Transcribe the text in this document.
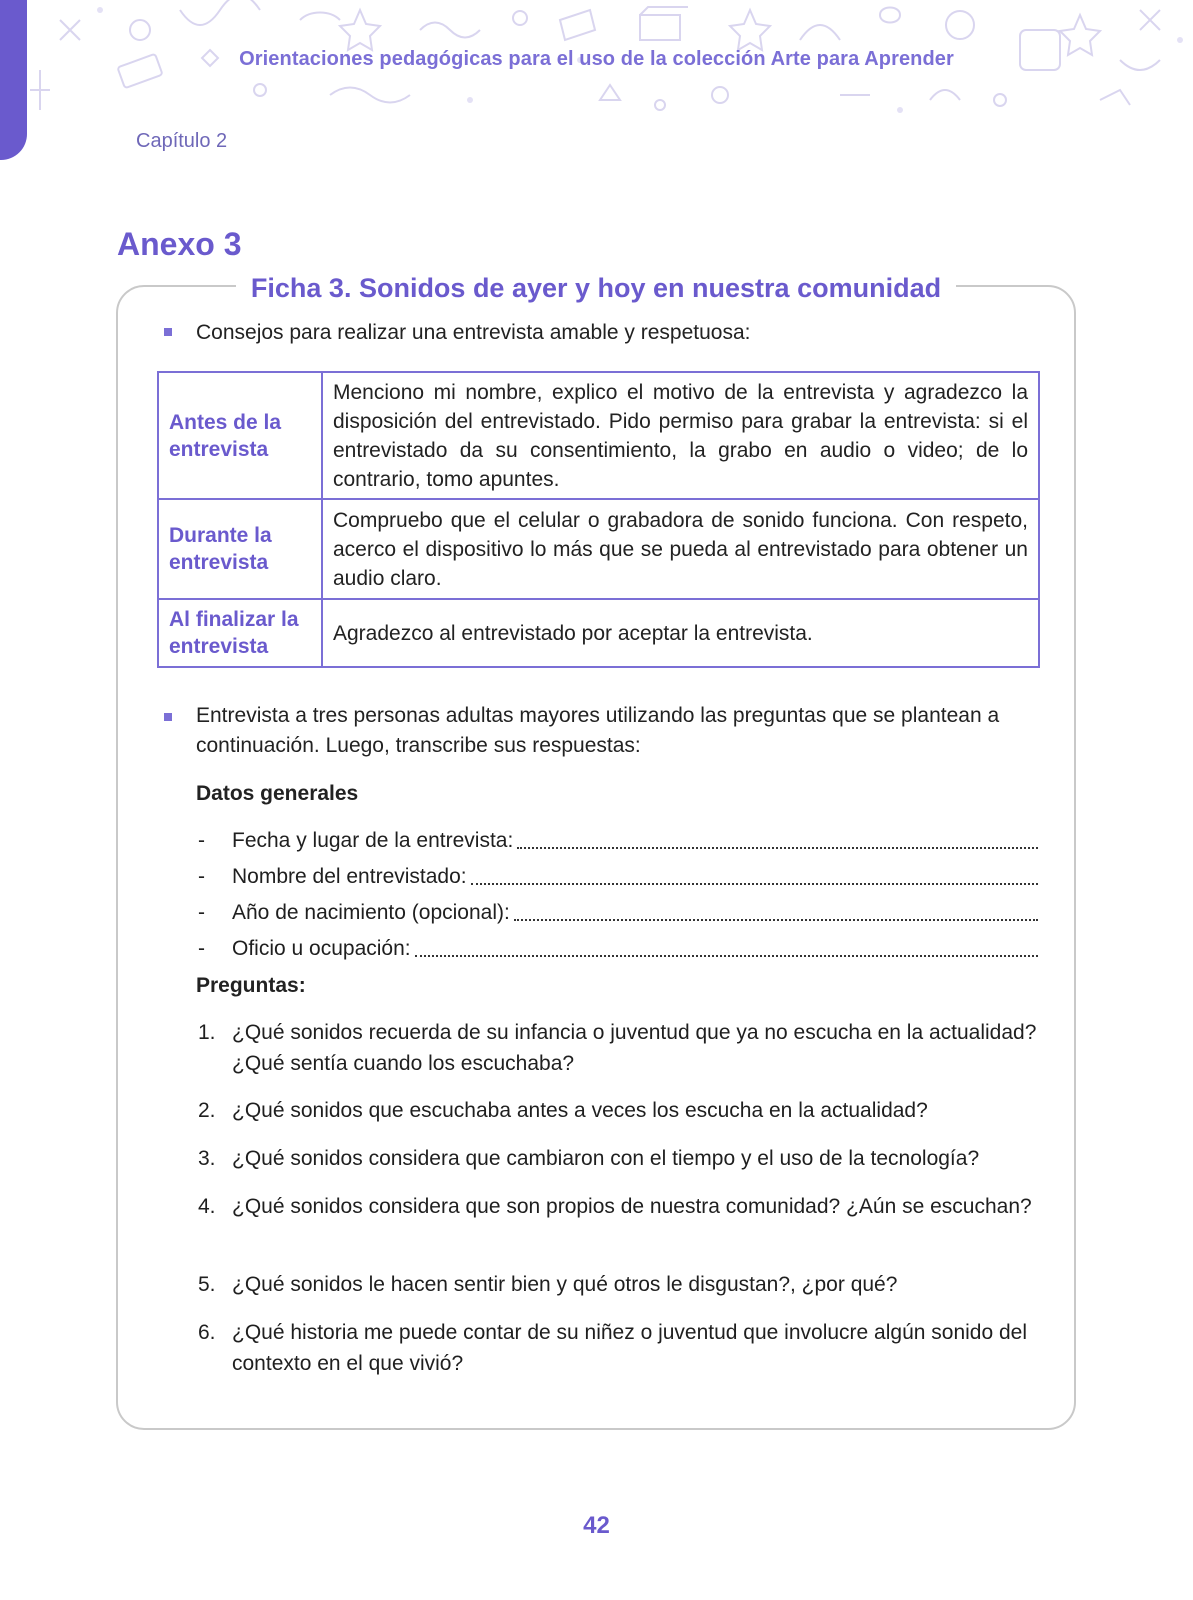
Orientaciones pedagógicas para el uso de la colección Arte para Aprender
Capítulo 2
Anexo 3
Ficha 3. Sonidos de ayer y hoy en nuestra comunidad
Consejos para realizar una entrevista amable y respetuosa:
Antes de la entrevista	Menciono mi nombre, explico el motivo de la entrevista y agradezco la disposición del entrevistado. Pido permiso para grabar la entrevista: si el entrevistado da su consentimiento, la grabo en audio o video; de lo contrario, tomo apuntes.
Durante la entrevista	Compruebo que el celular o grabadora de sonido funciona. Con respeto, acerco el dispositivo lo más que se pueda al entrevistado para obtener un audio claro.
Al finalizar la entrevista	Agradezco al entrevistado por aceptar la entrevista.
Entrevista a tres personas adultas mayores utilizando las preguntas que se plantean a continuación. Luego, transcribe sus respuestas:
Datos generales
-	Fecha y lugar de la entrevista:
-	Nombre del entrevistado:
-	Año de nacimiento (opcional):
-	Oficio u ocupación:
Preguntas:
1. ¿Qué sonidos recuerda de su infancia o juventud que ya no escucha en la actualidad? ¿Qué sentía cuando los escuchaba?
2. ¿Qué sonidos que escuchaba antes a veces los escucha en la actualidad?
3. ¿Qué sonidos considera que cambiaron con el tiempo y el uso de la tecnología?
4. ¿Qué sonidos considera que son propios de nuestra comunidad? ¿Aún se escuchan?
5. ¿Qué sonidos le hacen sentir bien y qué otros le disgustan?, ¿por qué?
6. ¿Qué historia me puede contar de su niñez o juventud que involucre algún sonido del contexto en el que vivió?
42
